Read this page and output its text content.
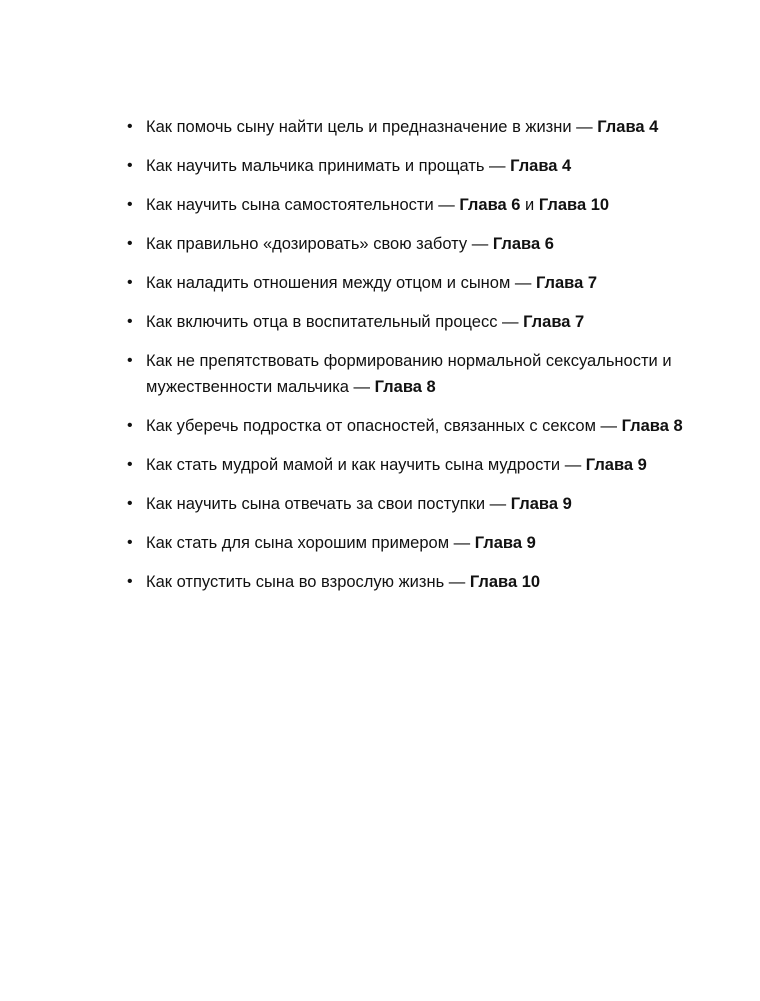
• Как помочь сыну найти цель и предназначение в жизни — Глава 4
• Как научить мальчика принимать и прощать — Глава 4
• Как научить сына самостоятельности — Глава 6 и Глава 10
• Как правильно «дозировать» свою заботу — Глава 6
• Как наладить отношения между отцом и сыном — Глава 7
• Как включить отца в воспитательный процесс — Глава 7
• Как не препятствовать формированию нормальной сексуальности и мужественности мальчика — Глава 8
• Как уберечь подростка от опасностей, связанных с сексом — Глава 8
• Как стать мудрой мамой и как научить сына мудрости — Глава 9
• Как научить сына отвечать за свои поступки — Глава 9
• Как стать для сына хорошим примером — Глава 9
• Как отпустить сына во взрослую жизнь — Глава 10
